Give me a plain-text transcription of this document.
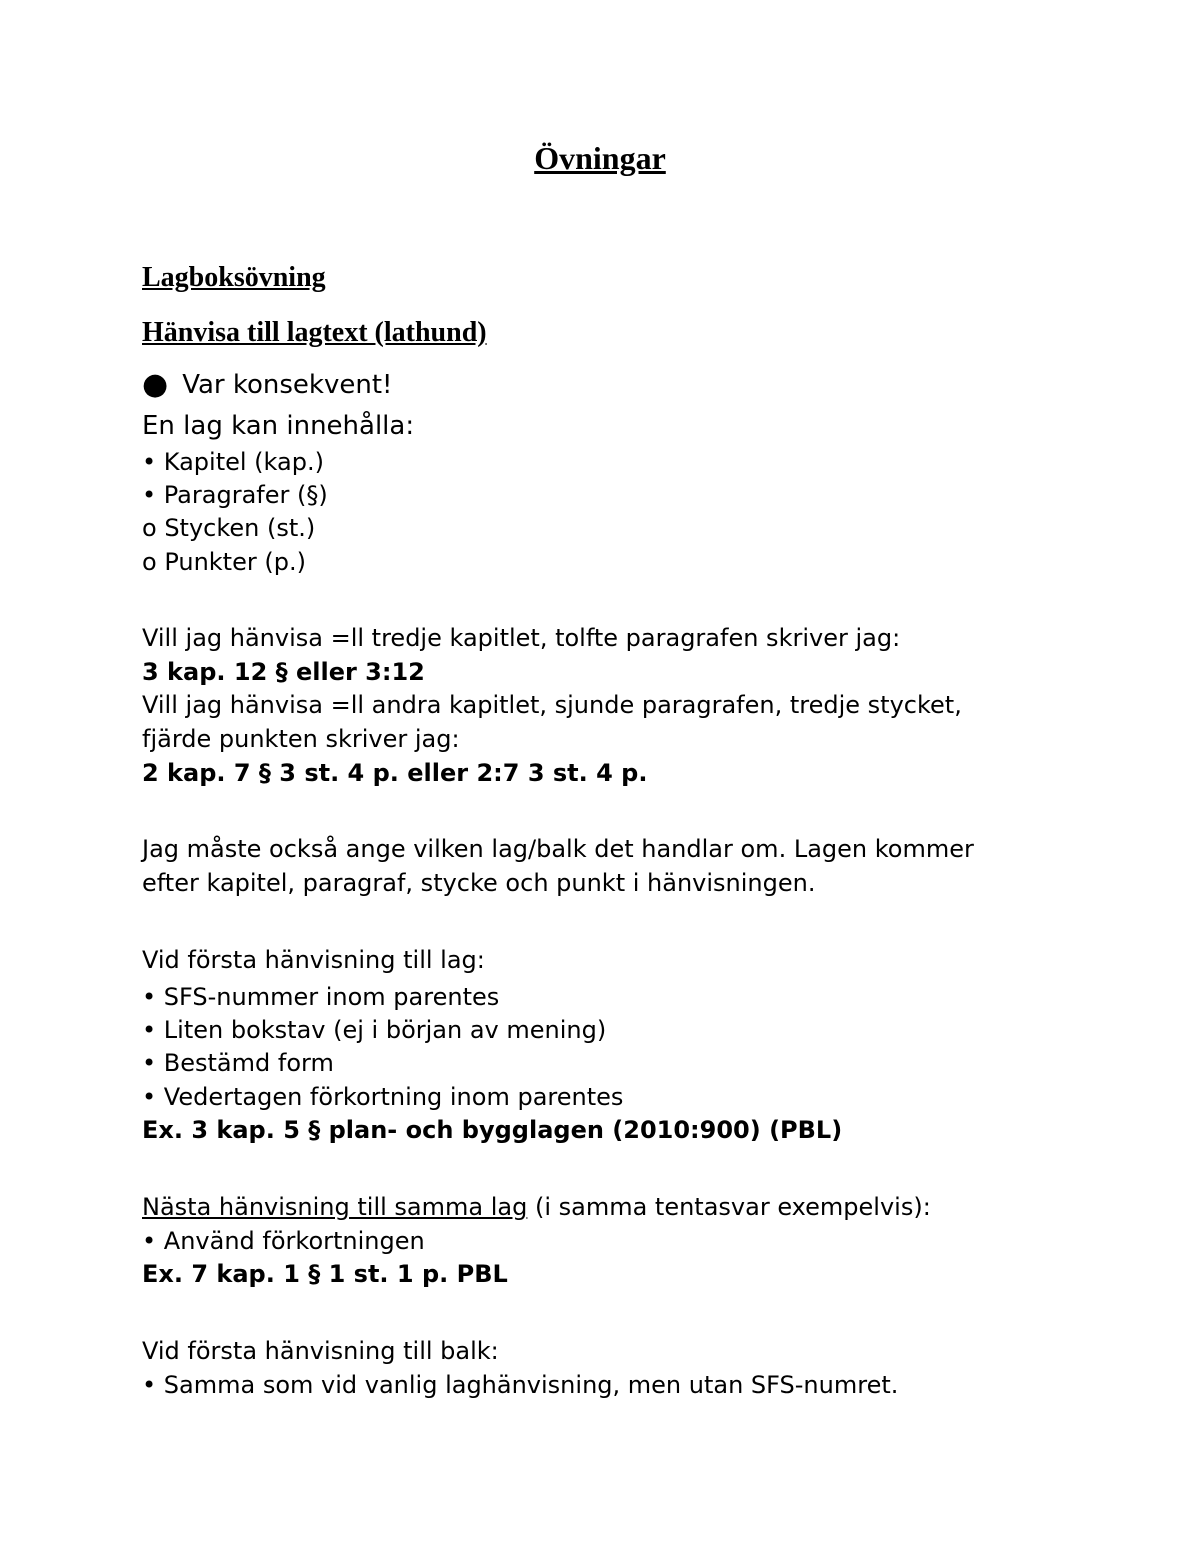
Övningar
Lagboksövning
Hänvisa till lagtext (lathund)
● Var konsekvent!
En lag kan innehålla:
• Kapitel (kap.)
• Paragrafer (§)
o Stycken (st.)
o Punkter (p.)
Vill jag hänvisa =ll tredje kapitlet, tolfte paragrafen skriver jag:
3 kap. 12 § eller 3:12
Vill jag hänvisa =ll andra kapitlet, sjunde paragrafen, tredje stycket,
fjärde punkten skriver jag:
2 kap. 7 § 3 st. 4 p. eller 2:7 3 st. 4 p.
Jag måste också ange vilken lag/balk det handlar om. Lagen kommer
efter kapitel, paragraf, stycke och punkt i hänvisningen.
Vid första hänvisning till lag:
• SFS-nummer inom parentes
• Liten bokstav (ej i början av mening)
• Bestämd form
• Vedertagen förkortning inom parentes
Ex. 3 kap. 5 § plan- och bygglagen (2010:900) (PBL)
Nästa hänvisning till samma lag (i samma tentasvar exempelvis):
• Använd förkortningen
Ex. 7 kap. 1 § 1 st. 1 p. PBL
Vid första hänvisning till balk:
• Samma som vid vanlig laghänvisning, men utan SFS-numret.
